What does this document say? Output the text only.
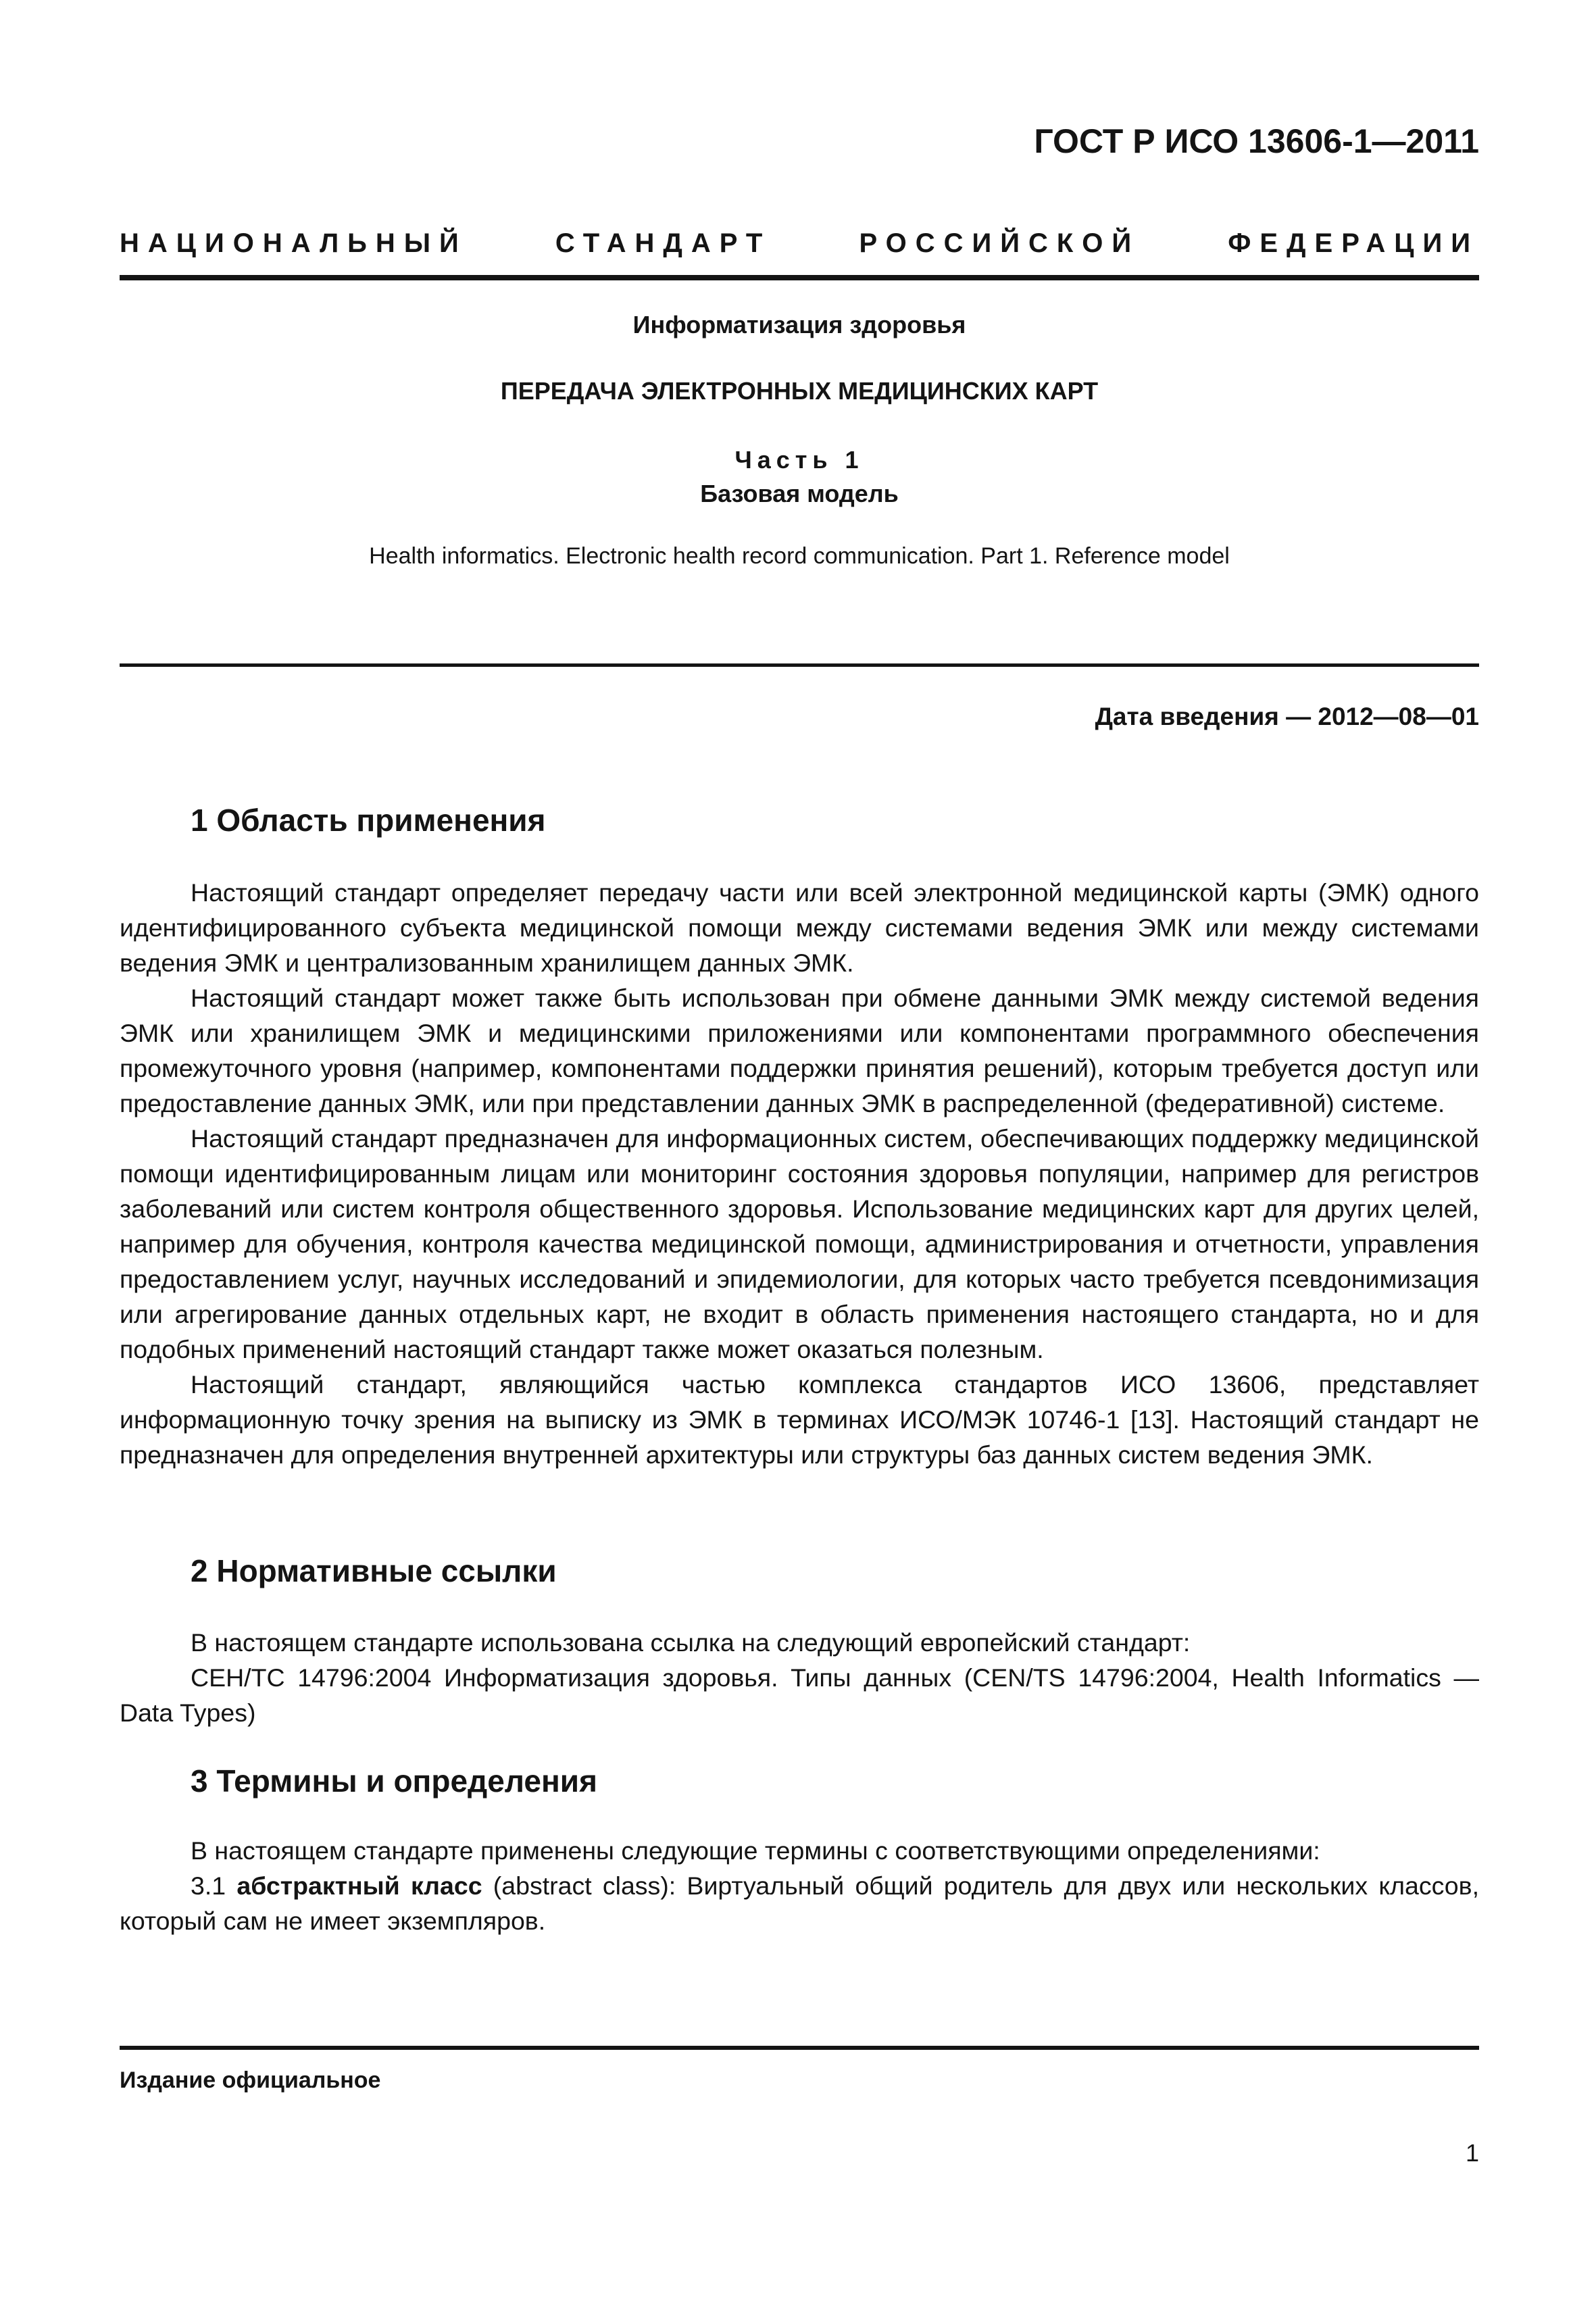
ГОСТ Р ИСО 13606-1—2011
НАЦИОНАЛЬНЫЙ СТАНДАРТ РОССИЙСКОЙ ФЕДЕРАЦИИ
Информатизация здоровья
ПЕРЕДАЧА ЭЛЕКТРОННЫХ МЕДИЦИНСКИХ КАРТ
Часть 1
Базовая модель
Health informatics. Electronic health record communication. Part 1. Reference model
Дата введения — 2012—08—01
1 Область применения

Настоящий стандарт определяет передачу части или всей электронной медицинской карты (ЭМК) одного идентифицированного субъекта медицинской помощи между системами ведения ЭМК или между системами ведения ЭМК и централизованным хранилищем данных ЭМК.

Настоящий стандарт может также быть использован при обмене данными ЭМК между системой ведения ЭМК или хранилищем ЭМК и медицинскими приложениями или компонентами программного обеспечения промежуточного уровня (например, компонентами поддержки принятия решений), которым требуется доступ или предоставление данных ЭМК, или при представлении данных ЭМК в распределенной (федеративной) системе.

Настоящий стандарт предназначен для информационных систем, обеспечивающих поддержку медицинской помощи идентифицированным лицам или мониторинг состояния здоровья популяции, например для регистров заболеваний или систем контроля общественного здоровья. Использование медицинских карт для других целей, например для обучения, контроля качества медицинской помощи, администрирования и отчетности, управления предоставлением услуг, научных исследований и эпидемиологии, для которых часто требуется псевдонимизация или агрегирование данных отдельных карт, не входит в область применения настоящего стандарта, но и для подобных применений настоящий стандарт также может оказаться полезным.

Настоящий стандарт, являющийся частью комплекса стандартов ИСО 13606, представляет информационную точку зрения на выписку из ЭМК в терминах ИСО/МЭК 10746-1 [13]. Настоящий стандарт не предназначен для определения внутренней архитектуры или структуры баз данных систем ведения ЭМК.

2 Нормативные ссылки

В настоящем стандарте использована ссылка на следующий европейский стандарт:

СЕН/ТС 14796:2004 Информатизация здоровья. Типы данных (CEN/TS 14796:2004, Health Informatics — Data Types)

3 Термины и определения

В настоящем стандарте применены следующие термины с соответствующими определениями:

3.1 абстрактный класс (abstract class): Виртуальный общий родитель для двух или нескольких классов, который сам не имеет экземпляров.

Издание официальное
1
